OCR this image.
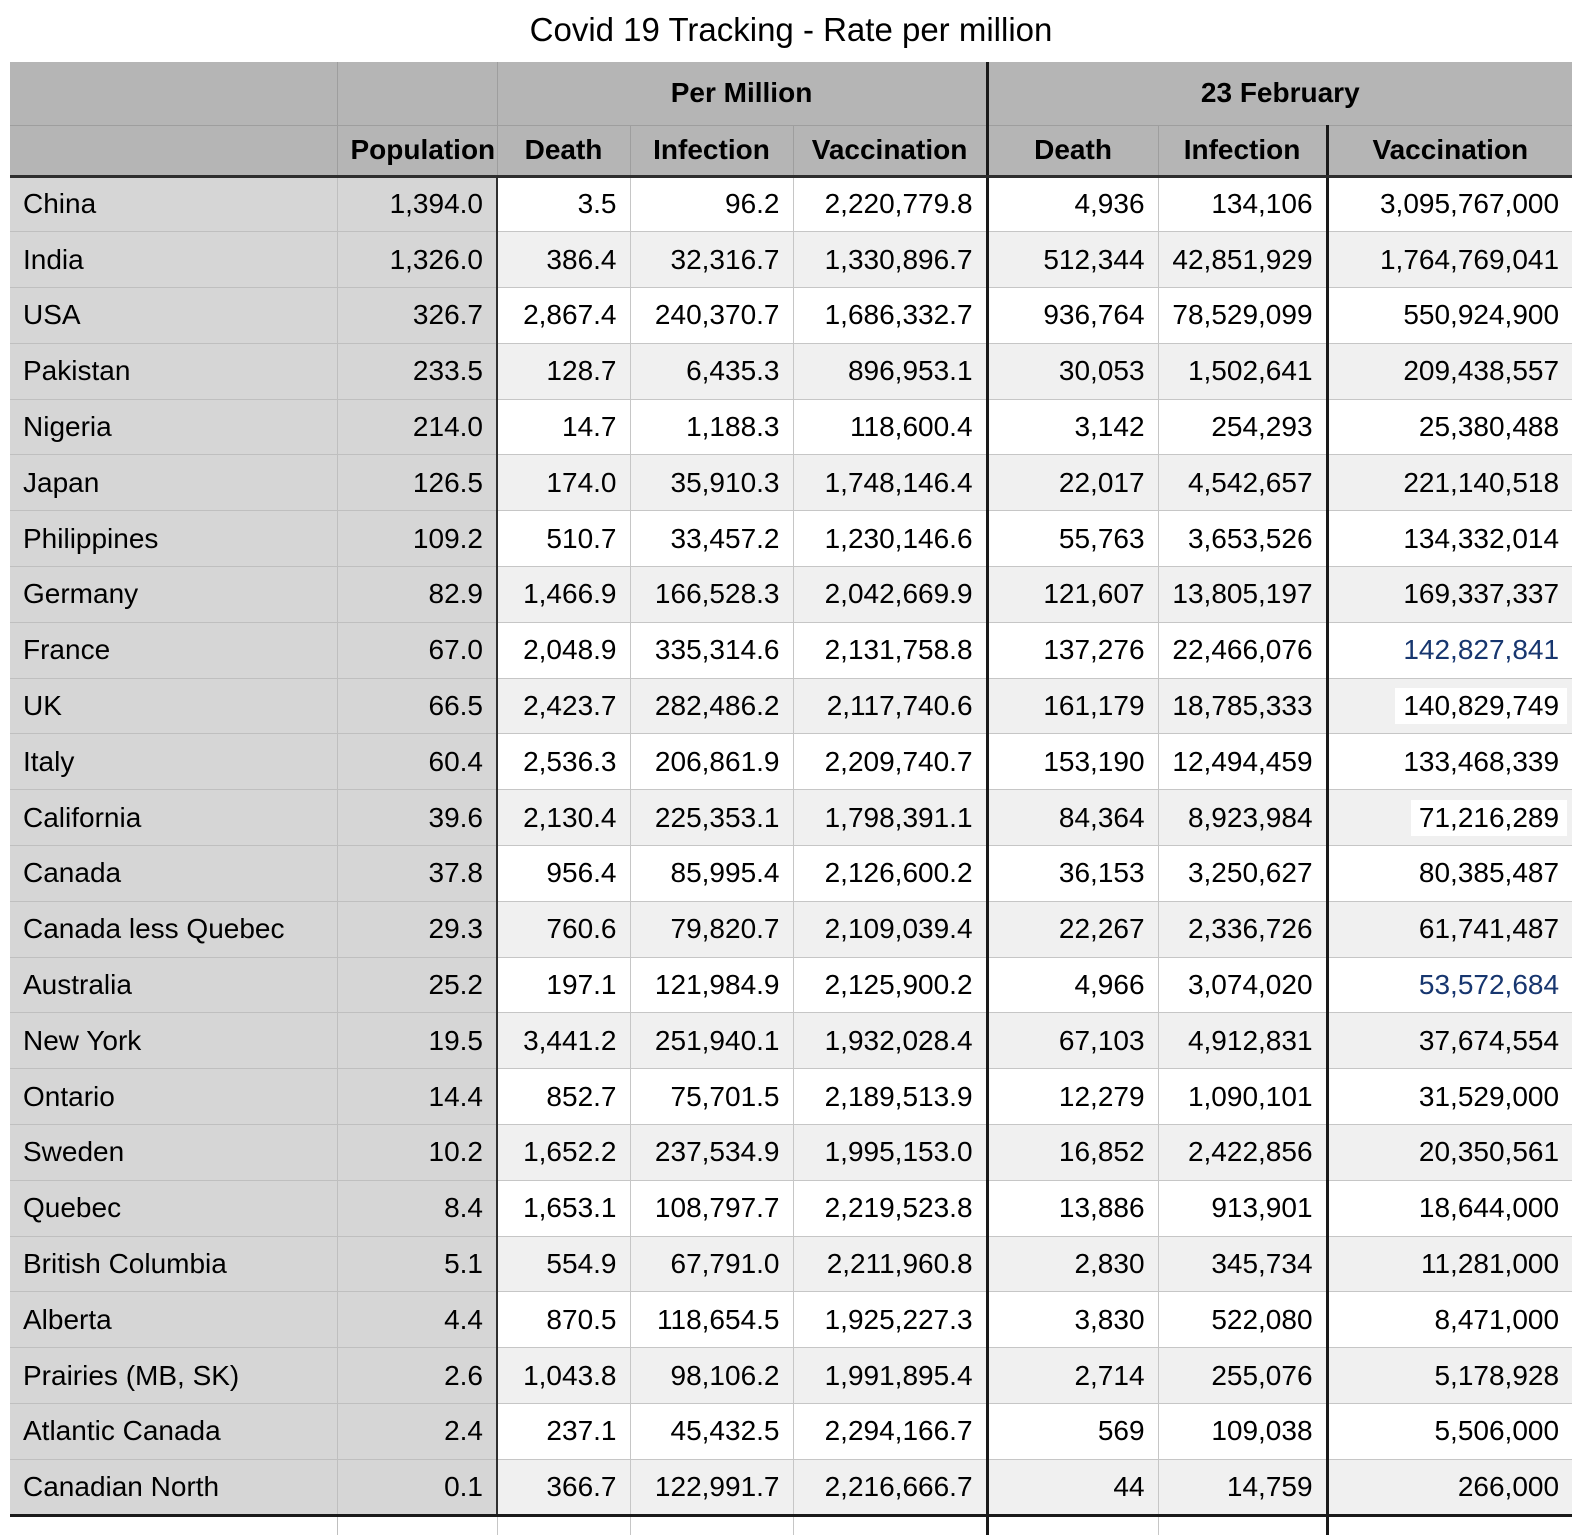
Covid 19 Tracking - Rate per million
		Per Million			23 February		
	Population	Death	Infection	Vaccination	Death	Infection	Vaccination
China	1,394.0	3.5	96.2	2,220,779.8	4,936	134,106	3,095,767,000
India	1,326.0	386.4	32,316.7	1,330,896.7	512,344	42,851,929	1,764,769,041
USA	326.7	2,867.4	240,370.7	1,686,332.7	936,764	78,529,099	550,924,900
Pakistan	233.5	128.7	6,435.3	896,953.1	30,053	1,502,641	209,438,557
Nigeria	214.0	14.7	1,188.3	118,600.4	3,142	254,293	25,380,488
Japan	126.5	174.0	35,910.3	1,748,146.4	22,017	4,542,657	221,140,518
Philippines	109.2	510.7	33,457.2	1,230,146.6	55,763	3,653,526	134,332,014
Germany	82.9	1,466.9	166,528.3	2,042,669.9	121,607	13,805,197	169,337,337
France	67.0	2,048.9	335,314.6	2,131,758.8	137,276	22,466,076	142,827,841
UK	66.5	2,423.7	282,486.2	2,117,740.6	161,179	18,785,333	140,829,749
Italy	60.4	2,536.3	206,861.9	2,209,740.7	153,190	12,494,459	133,468,339
California	39.6	2,130.4	225,353.1	1,798,391.1	84,364	8,923,984	71,216,289
Canada	37.8	956.4	85,995.4	2,126,600.2	36,153	3,250,627	80,385,487
Canada less Quebec	29.3	760.6	79,820.7	2,109,039.4	22,267	2,336,726	61,741,487
Australia	25.2	197.1	121,984.9	2,125,900.2	4,966	3,074,020	53,572,684
New York	19.5	3,441.2	251,940.1	1,932,028.4	67,103	4,912,831	37,674,554
Ontario	14.4	852.7	75,701.5	2,189,513.9	12,279	1,090,101	31,529,000
Sweden	10.2	1,652.2	237,534.9	1,995,153.0	16,852	2,422,856	20,350,561
Quebec	8.4	1,653.1	108,797.7	2,219,523.8	13,886	913,901	18,644,000
British Columbia	5.1	554.9	67,791.0	2,211,960.8	2,830	345,734	11,281,000
Alberta	4.4	870.5	118,654.5	1,925,227.3	3,830	522,080	8,471,000
Prairies (MB, SK)	2.6	1,043.8	98,106.2	1,991,895.4	2,714	255,076	5,178,928
Atlantic Canada	2.4	237.1	45,432.5	2,294,166.7	569	109,038	5,506,000
Canadian North	0.1	366.7	122,991.7	2,216,666.7	44	14,759	266,000
